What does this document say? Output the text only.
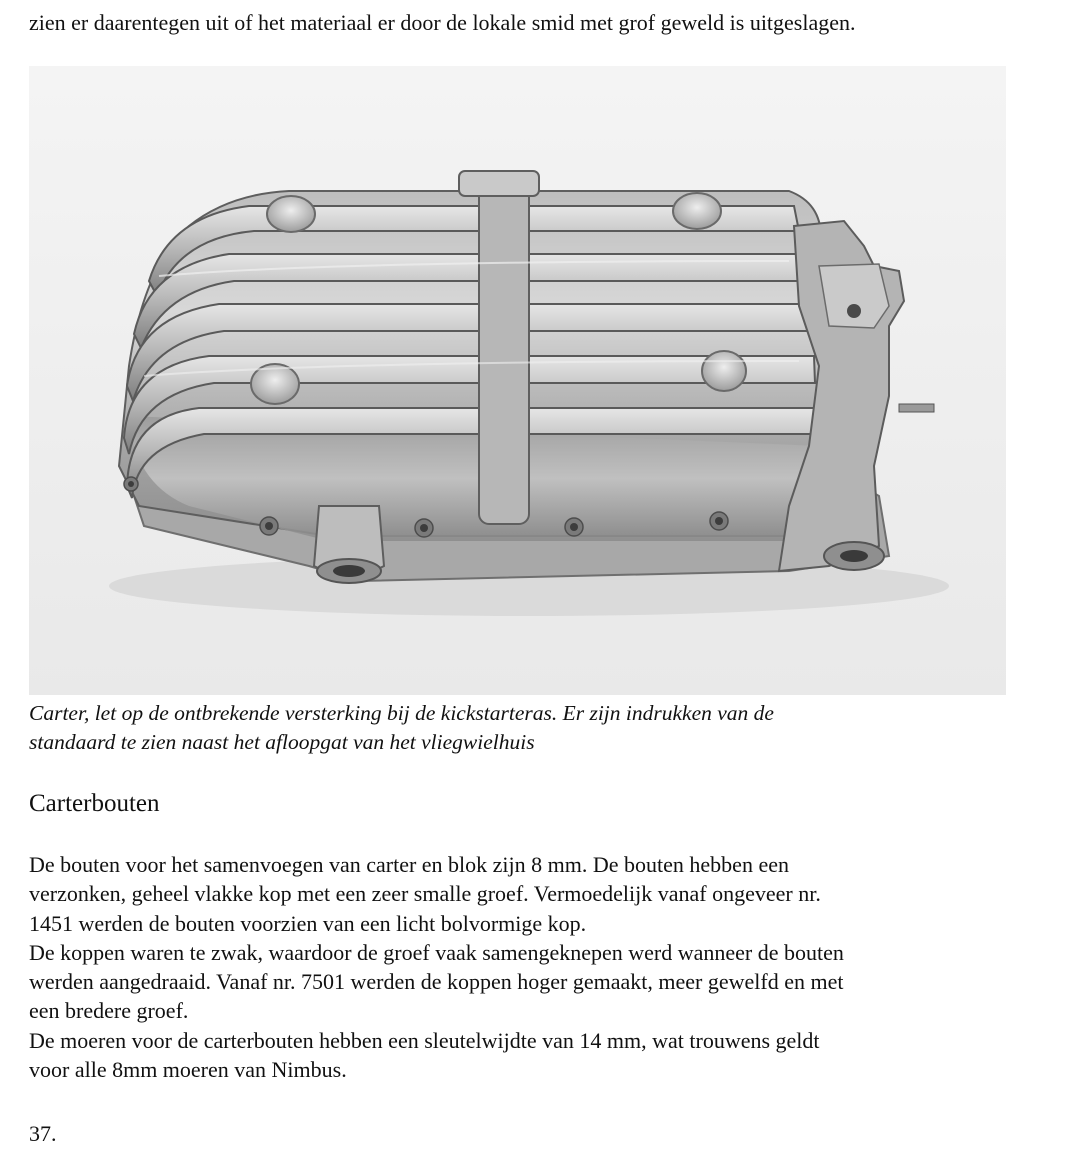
zien er daarentegen uit of het materiaal er door de lokale smid met grof geweld is uitgeslagen.
Carter, let op de ontbrekende versterking bij de kickstarteras. Er zijn indrukken van de
standaard te zien naast het afloopgat van het vliegwielhuis
Carterbouten
De bouten voor het samenvoegen van carter en blok zijn 8 mm. De bouten hebben een
verzonken, geheel vlakke kop met een zeer smalle groef. Vermoedelijk vanaf ongeveer nr.
1451 werden de bouten voorzien van een licht bolvormige kop.
De koppen waren te zwak, waardoor de groef vaak samengeknepen werd wanneer de bouten
werden aangedraaid. Vanaf nr. 7501 werden de koppen hoger gemaakt, meer gewelfd en met
een bredere groef.
De moeren voor de carterbouten hebben een sleutelwijdte van 14 mm, wat trouwens geldt
voor alle 8mm moeren van Nimbus.
37.
